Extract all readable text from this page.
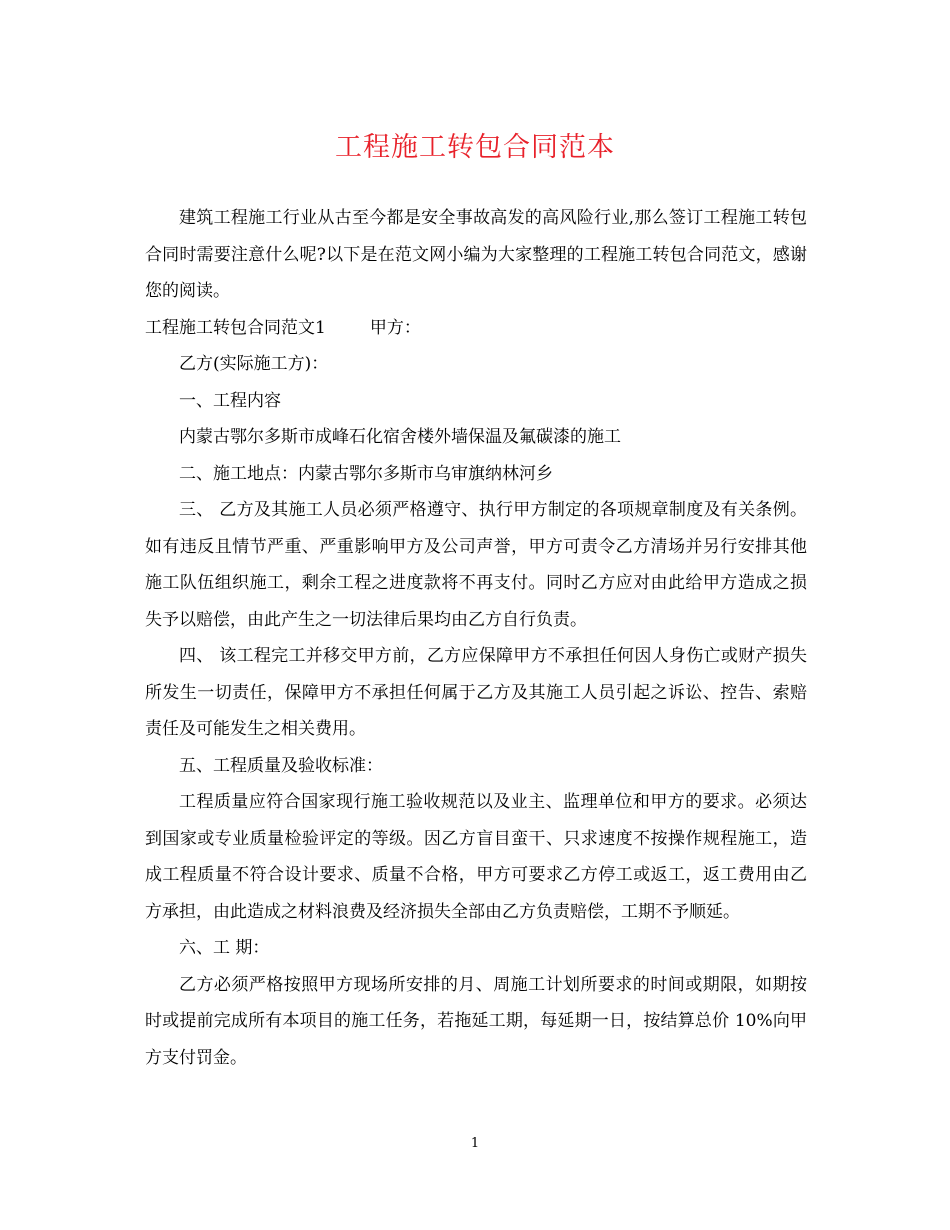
工程施工转包合同范本

建筑工程施工行业从古至今都是安全事故高发的高风险行业,那么签订工程施工转包合同时需要注意什么呢?以下是在范文网小编为大家整理的工程施工转包合同范文，感谢您的阅读。

工程施工转包合同范文1	甲方：

乙方(实际施工方)：

一、工程内容

内蒙古鄂尔多斯市成峰石化宿舍楼外墙保温及氟碳漆的施工

二、施工地点：内蒙古鄂尔多斯市乌审旗纳林河乡

三、 乙方及其施工人员必须严格遵守、执行甲方制定的各项规章制度及有关条例。如有违反且情节严重、严重影响甲方及公司声誉，甲方可责令乙方清场并另行安排其他施工队伍组织施工，剩余工程之进度款将不再支付。同时乙方应对由此给甲方造成之损失予以赔偿，由此产生之一切法律后果均由乙方自行负责。

四、 该工程完工并移交甲方前，乙方应保障甲方不承担任何因人身伤亡或财产损失所发生一切责任，保障甲方不承担任何属于乙方及其施工人员引起之诉讼、控告、索赔责任及可能发生之相关费用。

五、工程质量及验收标准：

工程质量应符合国家现行施工验收规范以及业主、监理单位和甲方的要求。必须达到国家或专业质量检验评定的等级。因乙方盲目蛮干、只求速度不按操作规程施工，造成工程质量不符合设计要求、质量不合格，甲方可要求乙方停工或返工，返工费用由乙方承担，由此造成之材料浪费及经济损失全部由乙方负责赔偿，工期不予顺延。

六、工 期：

乙方必须严格按照甲方现场所安排的月、周施工计划所要求的时间或期限，如期按时或提前完成所有本项目的施工任务，若拖延工期，每延期一日，按结算总价 10%向甲方支付罚金。

1
